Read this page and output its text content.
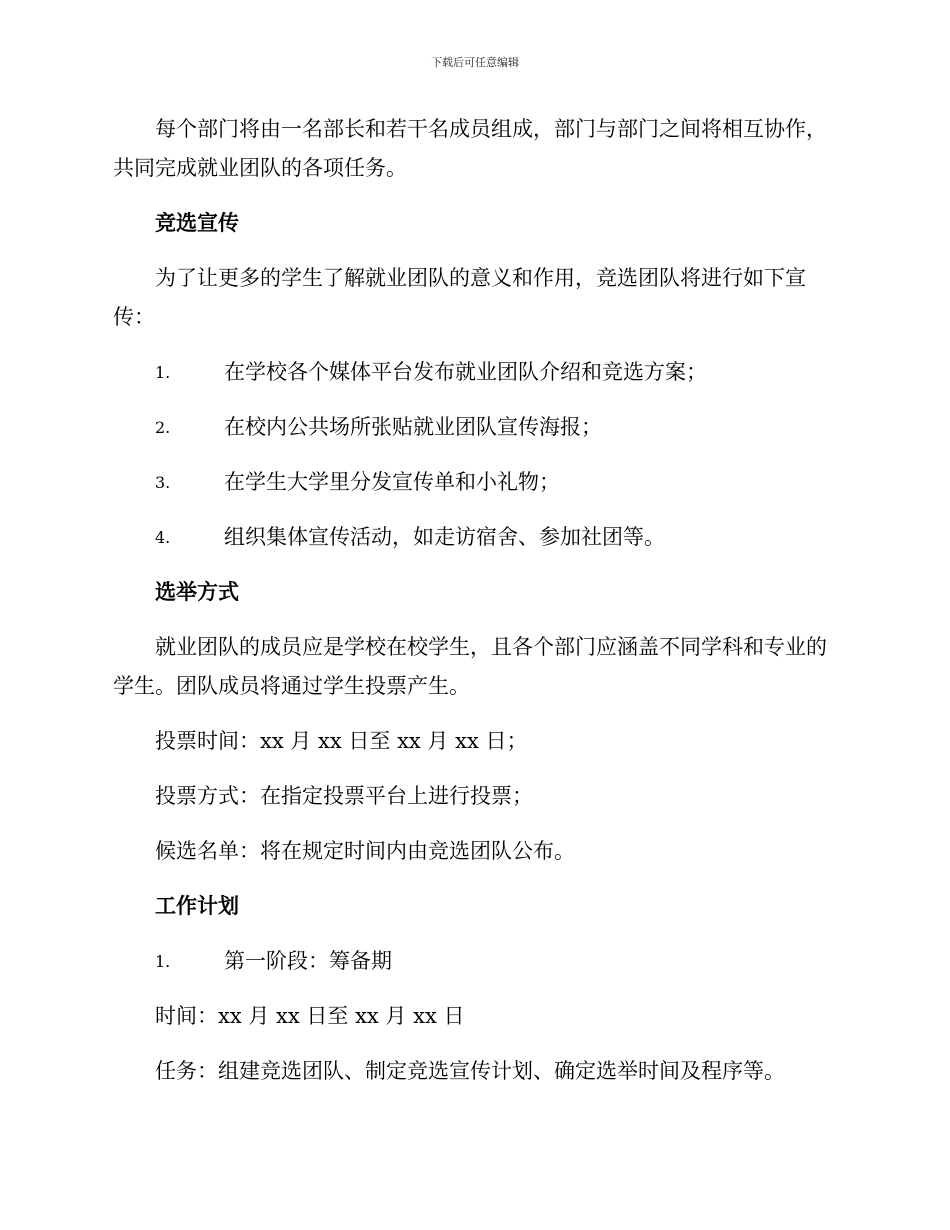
下载后可任意编辑

每个部门将由一名部长和若干名成员组成，部门与部门之间将相互协作，共同完成就业团队的各项任务。

竞选宣传

为了让更多的学生了解就业团队的意义和作用，竞选团队将进行如下宣传：

1.	在学校各个媒体平台发布就业团队介绍和竞选方案；
2.	在校内公共场所张贴就业团队宣传海报；
3.	在学生大学里分发宣传单和小礼物；
4.	组织集体宣传活动，如走访宿舍、参加社团等。
选举方式

就业团队的成员应是学校在校学生，且各个部门应涵盖不同学科和专业的学生。团队成员将通过学生投票产生。

投票时间：xx 月 xx 日至 xx 月 xx 日；

投票方式：在指定投票平台上进行投票；

候选名单：将在规定时间内由竞选团队公布。

工作计划
1.	第一阶段：筹备期

时间：xx 月 xx 日至 xx 月 xx 日

任务：组建竞选团队、制定竞选宣传计划、确定选举时间及程序等。
